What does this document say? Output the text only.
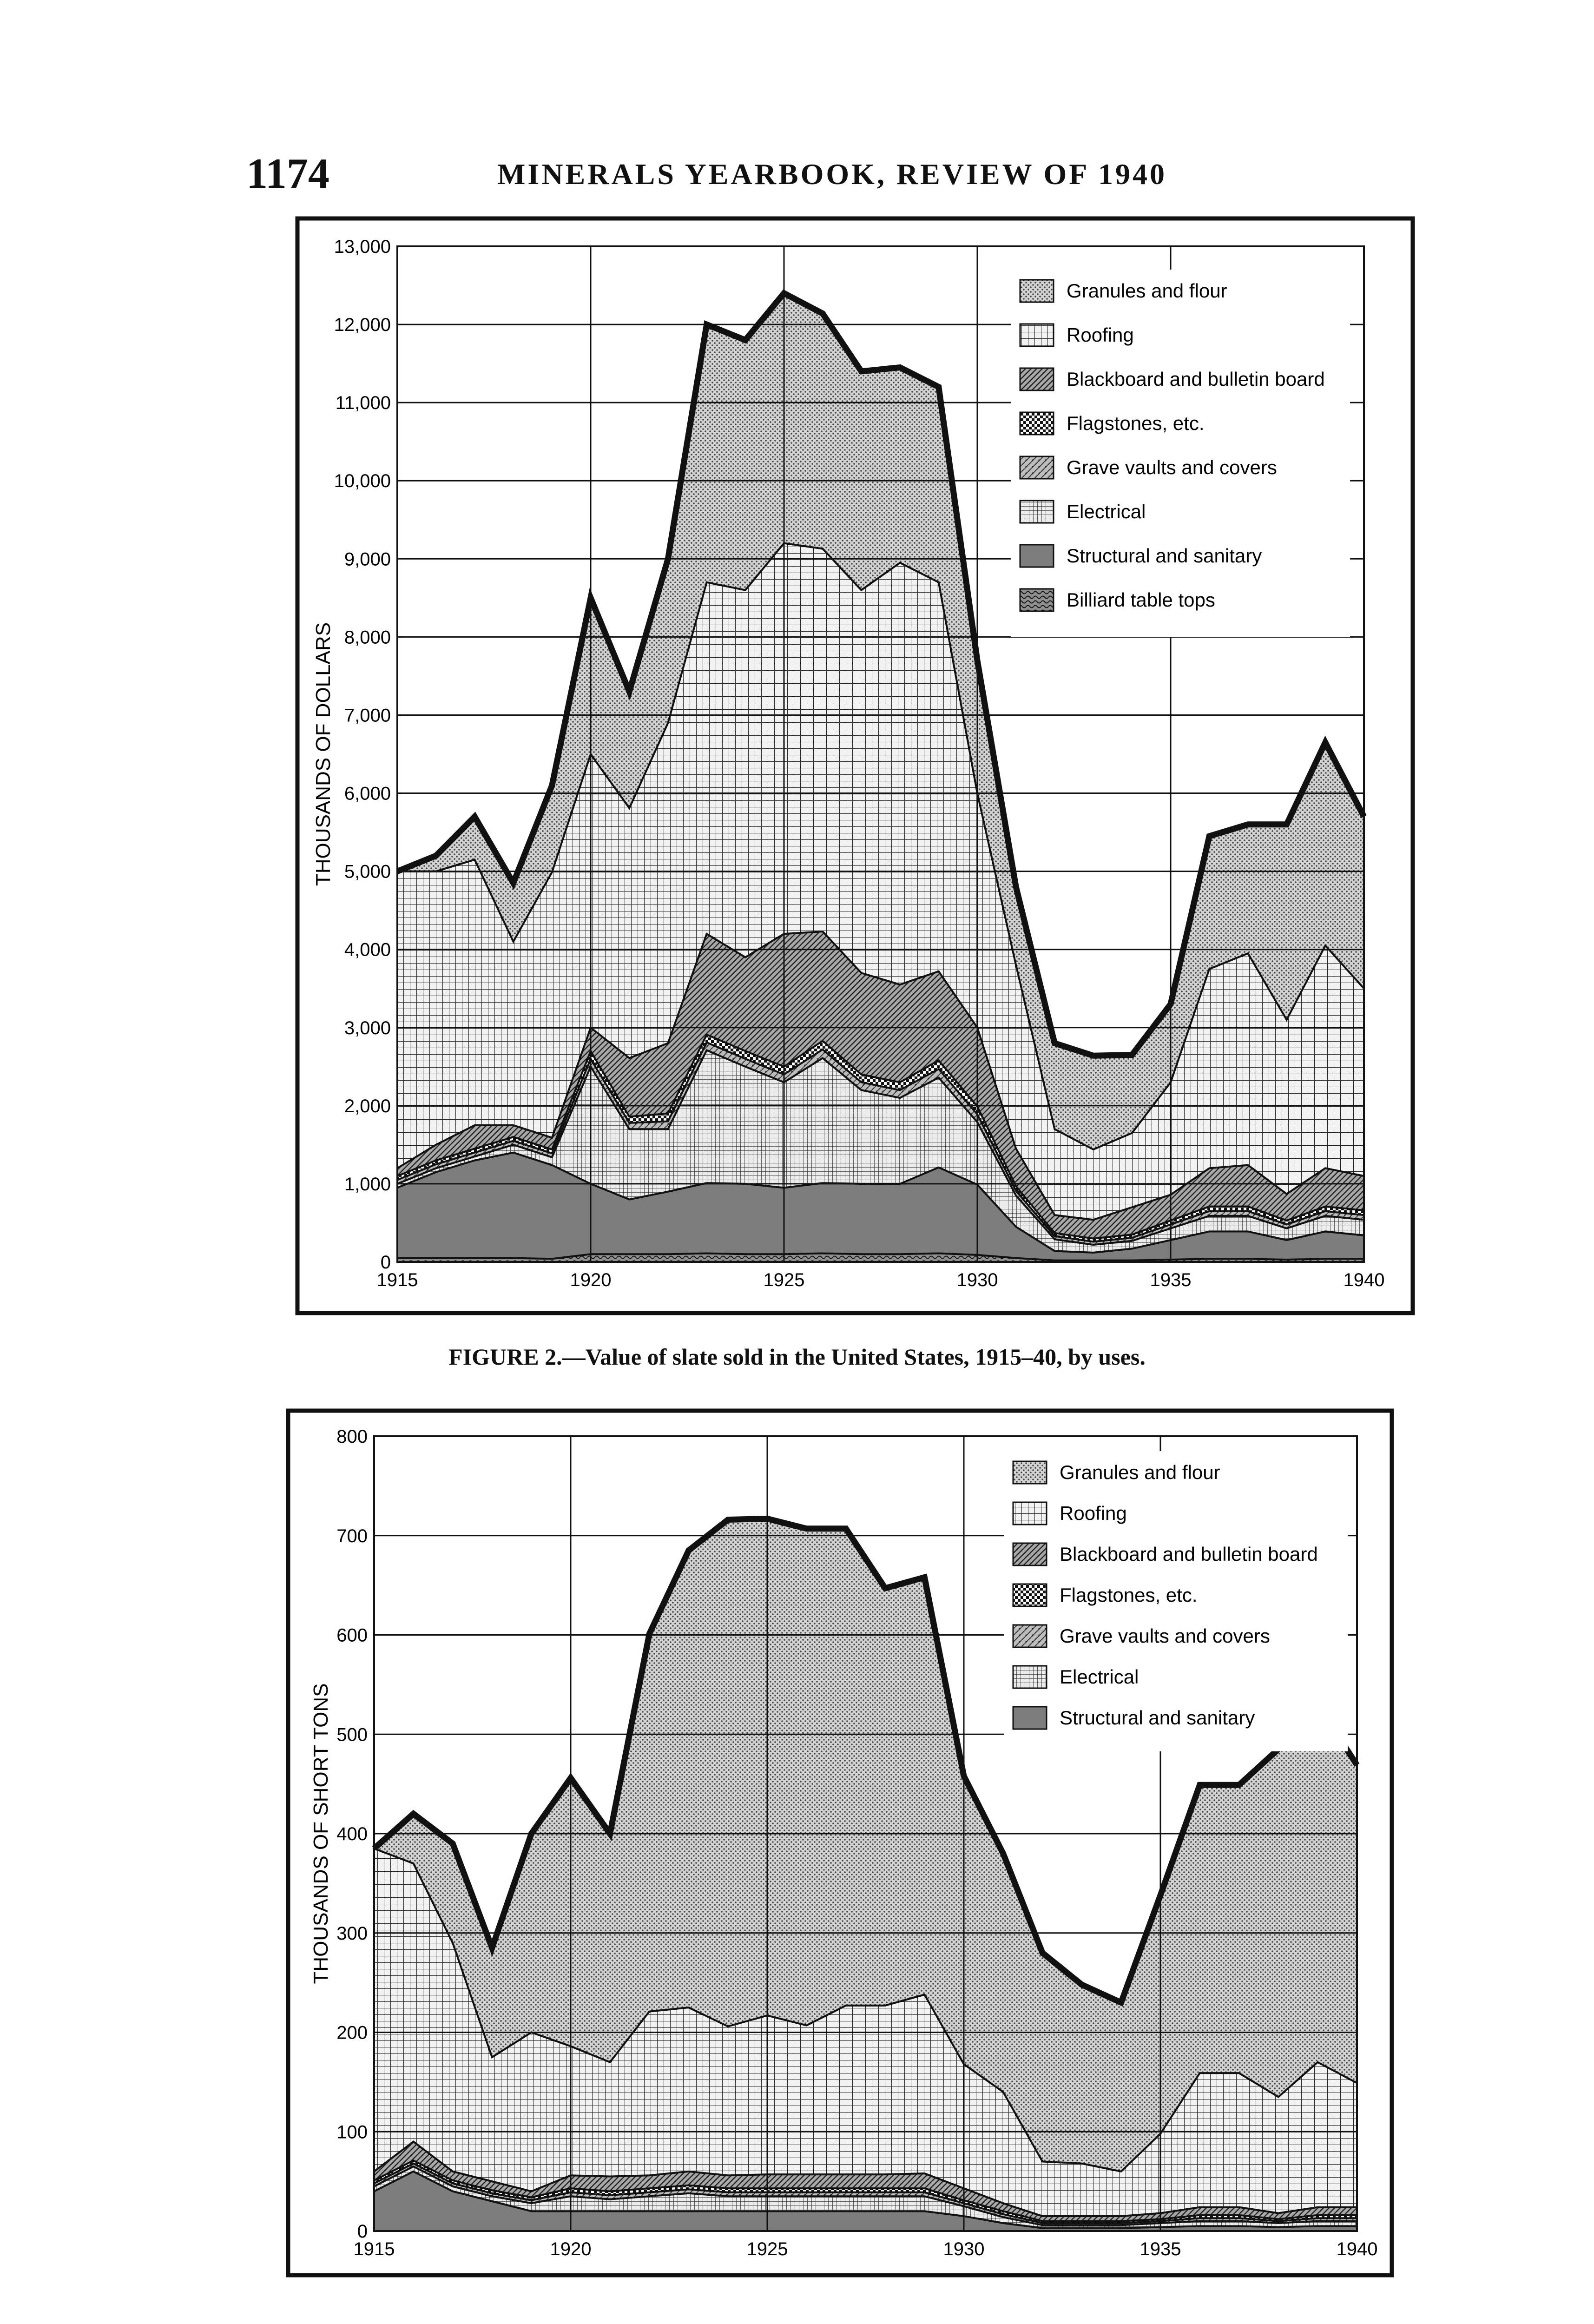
1174	MINERALS YEARBOOK, REVIEW OF 1940
0
1,000
2,000
3,000
4,000
5,000
6,000
7,000
8,000
9,000
10,000
11,000
12,000
13,000
1915	1920	1925	1930	1935	1940
THOUSANDS OF DOLLARS
Granules and flour
Roofing
Blackboard and bulletin board
Flagstones, etc.
Grave vaults and covers
Electrical
Structural and sanitary
Billiard table tops
FIGURE 2.—Value of slate sold in the United States, 1915–40, by uses.
0
100
200
300
400
500
600
700
800
1915	1920	1925	1930	1935	1940
THOUSANDS OF SHORT TONS
Granules and flour
Roofing
Blackboard and bulletin board
Flagstones, etc.
Grave vaults and covers
Electrical
Structural and sanitary
